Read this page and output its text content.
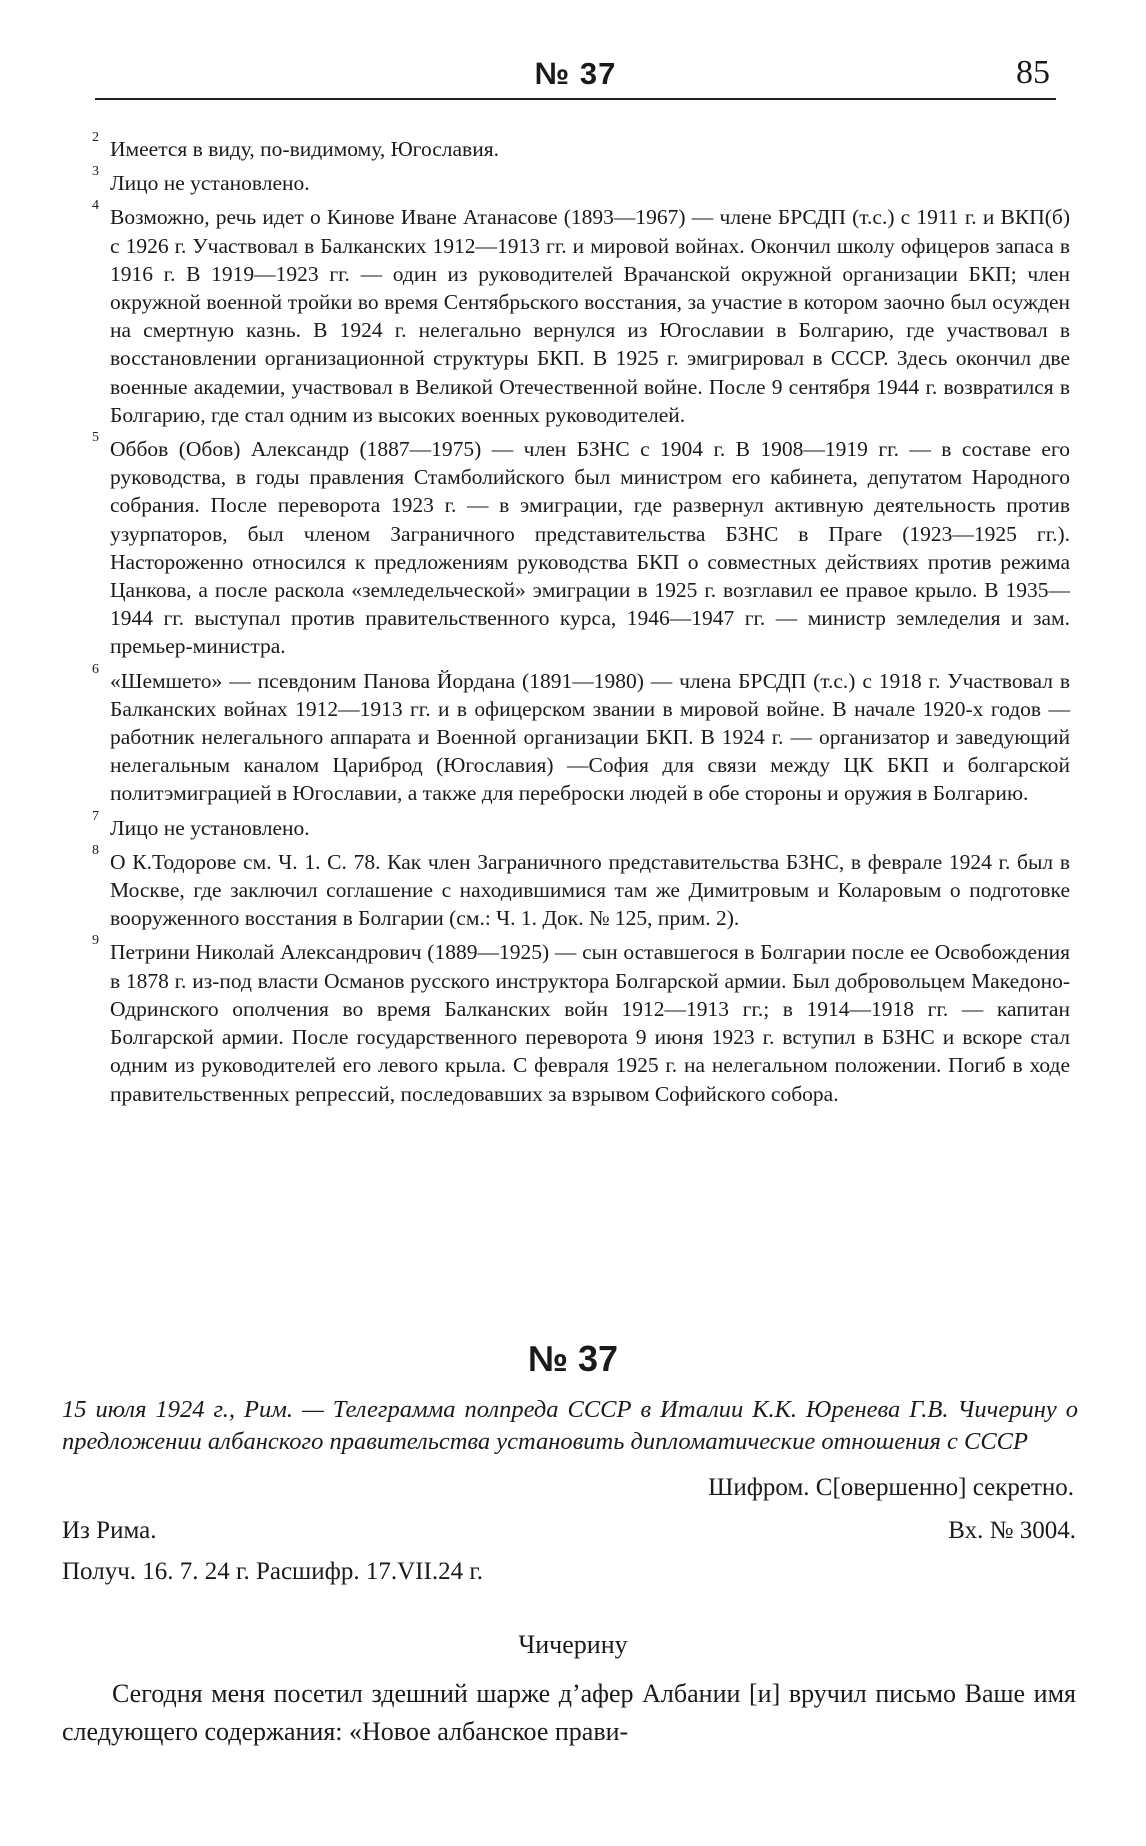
№ 37	85
2 Имеется в виду, по-видимому, Югославия.
3 Лицо не установлено.
4 Возможно, речь идет о Кинове Иване Атанасове (1893—1967) — члене БРСДП (т.с.) с 1911 г. и ВКП(б) с 1926 г. Участвовал в Балканских 1912—1913 гг. и мировой войнах. Окончил школу офицеров запаса в 1916 г. В 1919—1923 гг. — один из руководителей Врачанской окружной организации БКП; член окружной военной тройки во время Сентябрьского восстания, за участие в котором заочно был осужден на смертную казнь. В 1924 г. нелегально вернулся из Югославии в Болгарию, где участвовал в восстановлении организационной структуры БКП. В 1925 г. эмигрировал в СССР. Здесь окончил две военные академии, участвовал в Великой Отечественной войне. После 9 сентября 1944 г. возвратился в Болгарию, где стал одним из высоких военных руководителей.
5 Оббов (Обов) Александр (1887—1975) — член БЗНС с 1904 г. В 1908—1919 гг. — в составе его руководства, в годы правления Стамболийского был министром его кабинета, депутатом Народного собрания. После переворота 1923 г. — в эмиграции, где развернул активную деятельность против узурпаторов, был членом Заграничного представительства БЗНС в Праге (1923—1925 гг.). Настороженно относился к предложениям руководства БКП о совместных действиях против режима Цанкова, а после раскола «земледельческой» эмиграции в 1925 г. возглавил ее правое крыло. В 1935—1944 гг. выступал против правительственного курса, 1946—1947 гг. — министр земледелия и зам. премьер-министра.
6 «Шемшето» — псевдоним Панова Йордана (1891—1980) — члена БРСДП (т.с.) с 1918 г. Участвовал в Балканских войнах 1912—1913 гг. и в офицерском звании в мировой войне. В начале 1920-х годов — работник нелегального аппарата и Военной организации БКП. В 1924 г. — организатор и заведующий нелегальным каналом Цариброд (Югославия) —София для связи между ЦК БКП и болгарской политэмиграцией в Югославии, а также для переброски людей в обе стороны и оружия в Болгарию.
7 Лицо не установлено.
8 О К.Тодорове см. Ч. 1. С. 78. Как член Заграничного представительства БЗНС, в феврале 1924 г. был в Москве, где заключил соглашение с находившимися там же Димитровым и Коларовым о подготовке вооруженного восстания в Болгарии (см.: Ч. 1. Док. № 125, прим. 2).
9 Петрини Николай Александрович (1889—1925) — сын оставшегося в Болгарии после ее Освобождения в 1878 г. из-под власти Османов русского инструктора Болгарской армии. Был добровольцем Македоно-Одринского ополчения во время Балканских войн 1912—1913 гг.; в 1914—1918 гг. — капитан Болгарской армии. После государственного переворота 9 июня 1923 г. вступил в БЗНС и вскоре стал одним из руководителей его левого крыла. С февраля 1925 г. на нелегальном положении. Погиб в ходе правительственных репрессий, последовавших за взрывом Софийского собора.
№ 37
15 июля 1924 г., Рим. — Телеграмма полпреда СССР в Италии К.К. Юренева Г.В. Чичерину о предложении албанского правительства установить дипломатические отношения с СССР
Шифром. С[овершенно] секретно.
Из Рима.	Вх. № 3004.
Получ. 16. 7. 24 г. Расшифр. 17.VII.24 г.
Чичерину
Сегодня меня посетил здешний шарже д’афер Албании [и] вручил письмо Ваше имя следующего содержания: «Новое албанское прави-
